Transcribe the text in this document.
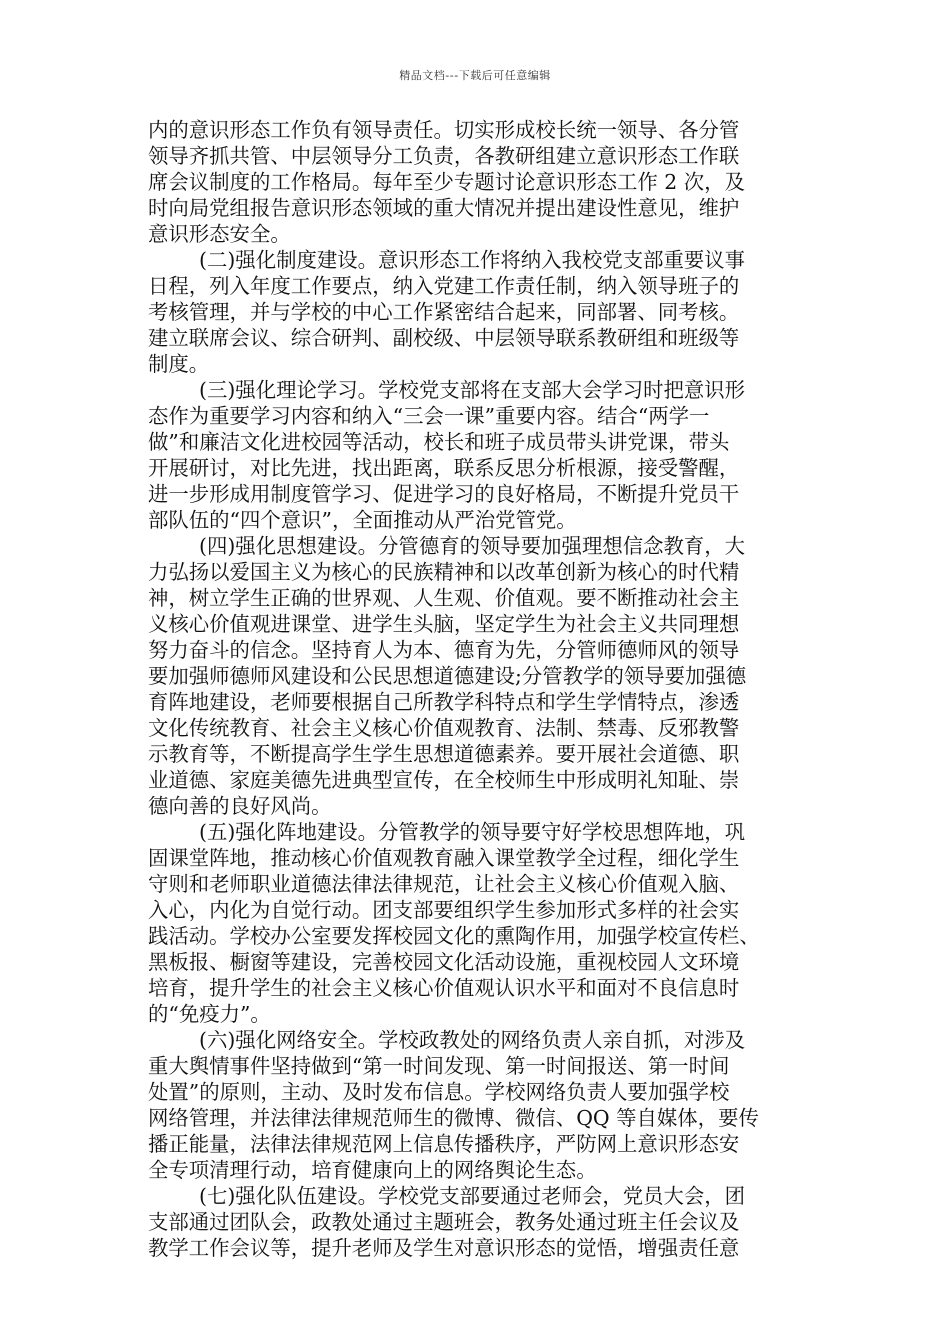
精品文档---下载后可任意编辑
内的意识形态工作负有领导责任。切实形成校长统一领导、各分管
领导齐抓共管、中层领导分工负责，各教研组建立意识形态工作联
席会议制度的工作格局。每年至少专题讨论意识形态工作 2 次，及
时向局党组报告意识形态领域的重大情况并提出建设性意见，维护
意识形态安全。
(二)强化制度建设。意识形态工作将纳入我校党支部重要议事
日程，列入年度工作要点，纳入党建工作责任制，纳入领导班子的
考核管理，并与学校的中心工作紧密结合起来，同部署、同考核。
建立联席会议、综合研判、副校级、中层领导联系教研组和班级等
制度。
(三)强化理论学习。学校党支部将在支部大会学习时把意识形
态作为重要学习内容和纳入“三会一课”重要内容。结合“两学一
做”和廉洁文化进校园等活动，校长和班子成员带头讲党课，带头
开展研讨，对比先进，找出距离，联系反思分析根源，接受警醒，
进一步形成用制度管学习、促进学习的良好格局，不断提升党员干
部队伍的“四个意识”，全面推动从严治党管党。
(四)强化思想建设。分管德育的领导要加强理想信念教育，大
力弘扬以爱国主义为核心的民族精神和以改革创新为核心的时代精
神，树立学生正确的世界观、人生观、价值观。要不断推动社会主
义核心价值观进课堂、进学生头脑，坚定学生为社会主义共同理想
努力奋斗的信念。坚持育人为本、德育为先，分管师德师风的领导
要加强师德师风建设和公民思想道德建设;分管教学的领导要加强德
育阵地建设，老师要根据自己所教学科特点和学生学情特点，渗透
文化传统教育、社会主义核心价值观教育、法制、禁毒、反邪教警
示教育等，不断提高学生学生思想道德素养。要开展社会道德、职
业道德、家庭美德先进典型宣传，在全校师生中形成明礼知耻、崇
德向善的良好风尚。
(五)强化阵地建设。分管教学的领导要守好学校思想阵地，巩
固课堂阵地，推动核心价值观教育融入课堂教学全过程，细化学生
守则和老师职业道德法律法律规范，让社会主义核心价值观入脑、
入心，内化为自觉行动。团支部要组织学生参加形式多样的社会实
践活动。学校办公室要发挥校园文化的熏陶作用，加强学校宣传栏、
黑板报、橱窗等建设，完善校园文化活动设施，重视校园人文环境
培育，提升学生的社会主义核心价值观认识水平和面对不良信息时
的“免疫力”。
(六)强化网络安全。学校政教处的网络负责人亲自抓，对涉及
重大舆情事件坚持做到“第一时间发现、第一时间报送、第一时间
处置”的原则，主动、及时发布信息。学校网络负责人要加强学校
网络管理，并法律法律规范师生的微博、微信、QQ 等自媒体，要传
播正能量，法律法律规范网上信息传播秩序，严防网上意识形态安
全专项清理行动，培育健康向上的网络舆论生态。
(七)强化队伍建设。学校党支部要通过老师会，党员大会，团
支部通过团队会，政教处通过主题班会，教务处通过班主任会议及
教学工作会议等，提升老师及学生对意识形态的觉悟，增强责任意
